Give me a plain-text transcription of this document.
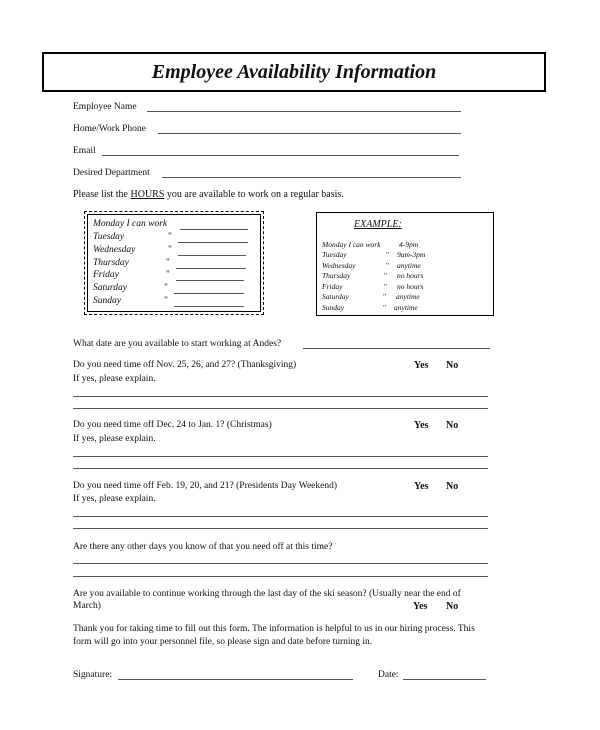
Employee Availability Information
Employee Name
Home/Work Phone
Email
Desired Department
Please list the HOURS you are available to work on a regular basis.
Monday I can work
Tuesday	"
Wednesday	"
Thursday	"
Friday	"
Saturday	"
Sunday	"
EXAMPLE:
Monday I can work 4-9pm
Tuesday	" 9am-3pm
Wednesday	" anytime
Thursday	" no hours
Friday	" no hours
Saturday	" anytime
Sunday	" anytime
What date are you available to start working at Andes?
Do you need time off Nov. 25, 26, and 27? (Thanksgiving)	Yes No
If yes, please explain.
Do you need time off Dec. 24 to Jan. 1? (Christmas)	Yes No
If yes, please explain.
Do you need time off Feb. 19, 20, and 21? (Presidents Day Weekend)	Yes No
If yes, please explain.
Are there any other days you know of that you need off at this time?
Are you available to continue working through the last day of the ski season? (Usually near the end of
March)	Yes No
Thank you for taking time to fill out this form. The information is helpful to us in our hiring process. This
form will go into your personnel file, so please sign and date before turning in.
Signature:	Date:
